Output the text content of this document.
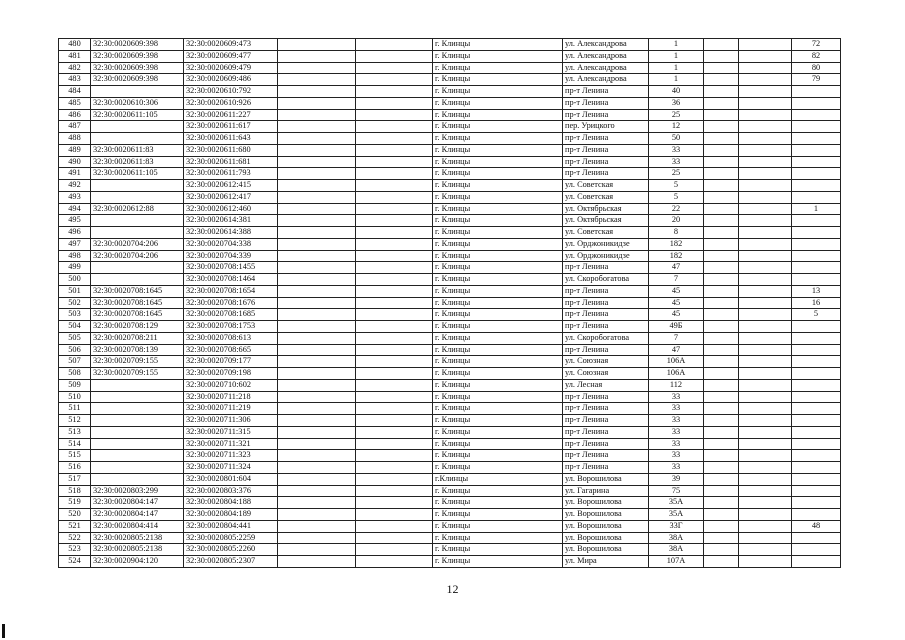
480	32:30:0020609:398	32:30:0020609:473			г. Клинцы	ул. Александрова	1			72
481	32:30:0020609:398	32:30:0020609:477			г. Клинцы	ул. Александрова	1			82
482	32:30:0020609:398	32:30:0020609:479			г. Клинцы	ул. Александрова	1			80
483	32:30:0020609:398	32:30:0020609:486			г. Клинцы	ул. Александрова	1			79
484		32:30:0020610:792			г. Клинцы	пр-т Ленина	40			
485	32:30:0020610:306	32:30:0020610:926			г. Клинцы	пр-т Ленина	36			
486	32:30:0020611:105	32:30:0020611:227			г. Клинцы	пр-т Ленина	25			
487		32:30:0020611:617			г. Клинцы	пер. Урицкого	12			
488		32:30:0020611:643			г. Клинцы	пр-т Ленина	50			
489	32:30:0020611:83	32:30:0020611:680			г. Клинцы	пр-т Ленина	33			
490	32:30:0020611:83	32:30:0020611:681			г. Клинцы	пр-т Ленина	33			
491	32:30:0020611:105	32:30:0020611:793			г. Клинцы	пр-т Ленина	25			
492		32:30:0020612:415			г. Клинцы	ул. Советская	5			
493		32:30:0020612:417			г. Клинцы	ул. Советская	5			
494	32:30:0020612:88	32:30:0020612:460			г. Клинцы	ул. Октябрьская	22			1
495		32:30:0020614:381			г. Клинцы	ул. Октябрьская	20			
496		32:30:0020614:388			г. Клинцы	ул. Советская	8			
497	32:30:0020704:206	32:30:0020704:338			г. Клинцы	ул. Орджоникидзе	182			
498	32:30:0020704:206	32:30:0020704:339			г. Клинцы	ул. Орджоникидзе	182			
499		32:30:0020708:1455			г. Клинцы	пр-т Ленина	47			
500		32:30:0020708:1464			г. Клинцы	ул. Скоробогатова	7			
501	32:30:0020708:1645	32:30:0020708:1654			г. Клинцы	пр-т Ленина	45			13
502	32:30:0020708:1645	32:30:0020708:1676			г. Клинцы	пр-т Ленина	45			16
503	32:30:0020708:1645	32:30:0020708:1685			г. Клинцы	пр-т Ленина	45			5
504	32:30:0020708:129	32:30:0020708:1753			г. Клинцы	пр-т Ленина	49Б			
505	32:30:0020708:211	32:30:0020708:613			г. Клинцы	ул. Скоробогатова	7			
506	32:30:0020708:139	32:30:0020708:665			г. Клинцы	пр-т Ленина	47			
507	32:30:0020709:155	32:30:0020709:177			г. Клинцы	ул. Союзная	106А			
508	32:30:0020709:155	32:30:0020709:198			г. Клинцы	ул. Союзная	106А			
509		32:30:0020710:602			г. Клинцы	ул. Лесная	112			
510		32:30:0020711:218			г. Клинцы	пр-т Ленина	33			
511		32:30:0020711:219			г. Клинцы	пр-т Ленина	33			
512		32:30:0020711:306			г. Клинцы	пр-т Ленина	33			
513		32:30:0020711:315			г. Клинцы	пр-т Ленина	33			
514		32:30:0020711:321			г. Клинцы	пр-т Ленина	33			
515		32:30:0020711:323			г. Клинцы	пр-т Ленина	33			
516		32:30:0020711:324			г. Клинцы	пр-т Ленина	33			
517		32:30:0020801:604			г.Клинцы	ул. Ворошилова	39			
518	32:30:0020803:299	32:30:0020803:376			г. Клинцы	ул. Гагарина	75			
519	32:30:0020804:147	32:30:0020804:188			г. Клинцы	ул. Ворошилова	35А			
520	32:30:0020804:147	32:30:0020804:189			г. Клинцы	ул. Ворошилова	35А			
521	32:30:0020804:414	32:30:0020804:441			г. Клинцы	ул. Ворошилова	33Г			48
522	32:30:0020805:2138	32:30:0020805:2259			г. Клинцы	ул. Ворошилова	38А			
523	32:30:0020805:2138	32:30:0020805:2260			г. Клинцы	ул. Ворошилова	38А			
524	32:30:0020904:120	32:30:0020805:2307			г. Клинцы	ул. Мира	107А			
12
